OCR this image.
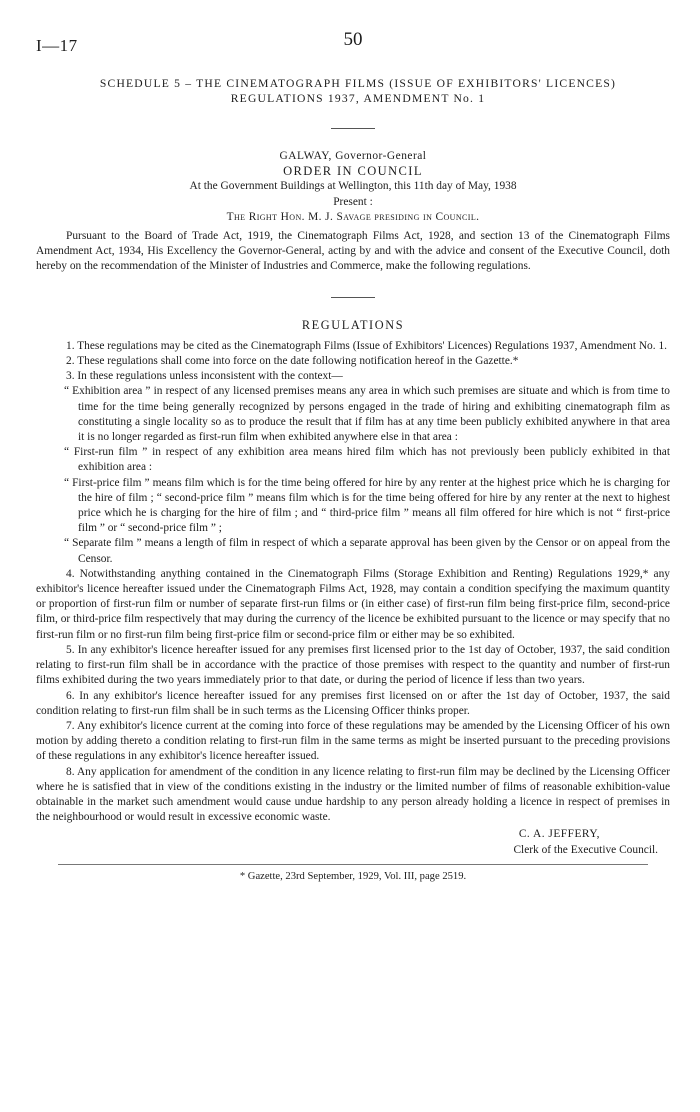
I—17	50
SCHEDULE 5 – THE CINEMATOGRAPH FILMS (ISSUE OF EXHIBITORS' LICENCES)
REGULATIONS 1937, AMENDMENT No. 1
GALWAY, Governor-General
ORDER IN COUNCIL
At the Government Buildings at Wellington, this 11th day of May, 1938
Present :
The Right Hon. M. J. Savage presiding in Council.

Pursuant to the Board of Trade Act, 1919, the Cinematograph Films Act, 1928, and section 13 of the Cinematograph Films Amendment Act, 1934, His Excellency the Governor-General, acting by and with the advice and consent of the Executive Council, doth hereby on the recommendation of the Minister of Industries and Commerce, make the following regulations.

REGULATIONS

1. These regulations may be cited as the Cinematograph Films (Issue of Exhibitors' Licences) Regulations 1937, Amendment No. 1.

2. These regulations shall come into force on the date following notification hereof in the Gazette.*

3. In these regulations unless inconsistent with the context—

“ Exhibition area ” in respect of any licensed premises means any area in which such premises are situate and which is from time to time for the time being generally recognized by persons engaged in the trade of hiring and exhibiting cinematograph film as constituting a single locality so as to produce the result that if film has at any time been publicly exhibited anywhere in that area it is no longer regarded as first-run film when exhibited anywhere else in that area :

“ First-run film ” in respect of any exhibition area means hired film which has not previously been publicly exhibited in that exhibition area :

“ First-price film ” means film which is for the time being offered for hire by any renter at the highest price which he is charging for the hire of film ; “ second-price film ” means film which is for the time being offered for hire by any renter at the next to highest price which he is charging for the hire of film ; and “ third-price film ” means all film offered for hire which is not “ first-price film ” or “ second-price film ” ;

“ Separate film ” means a length of film in respect of which a separate approval has been given by the Censor or on appeal from the Censor.

4. Notwithstanding anything contained in the Cinematograph Films (Storage Exhibition and Renting) Regulations 1929,* any exhibitor's licence hereafter issued under the Cinematograph Films Act, 1928, may contain a condition specifying the maximum quantity or proportion of first-run film or number of separate first-run films or (in either case) of first-run film being first-price film, second-price film, or third-price film respectively that may during the currency of the licence be exhibited pursuant to the licence or may specify that no first-run film or no first-run film being first-price film or second-price film or either may be so exhibited.

5. In any exhibitor's licence hereafter issued for any premises first licensed prior to the 1st day of October, 1937, the said condition relating to first-run film shall be in accordance with the practice of those premises with respect to the quantity and number of first-run films exhibited during the two years immediately prior to that date, or during the period of licence if less than two years.

6. In any exhibitor's licence hereafter issued for any premises first licensed on or after the 1st day of October, 1937, the said condition relating to first-run film shall be in such terms as the Licensing Officer thinks proper.

7. Any exhibitor's licence current at the coming into force of these regulations may be amended by the Licensing Officer of his own motion by adding thereto a condition relating to first-run film in the same terms as might be inserted pursuant to the preceding provisions of these regulations in any exhibitor's licence hereafter issued.

8. Any application for amendment of the condition in any licence relating to first-run film may be declined by the Licensing Officer where he is satisfied that in view of the conditions existing in the industry or the limited number of films of reasonable exhibition-value obtainable in the market such amendment would cause undue hardship to any person already holding a licence in respect of premises in the neighbourhood or would result in excessive economic waste.

C. A. JEFFERY,
Clerk of the Executive Council.
* Gazette, 23rd September, 1929, Vol. III, page 2519.
